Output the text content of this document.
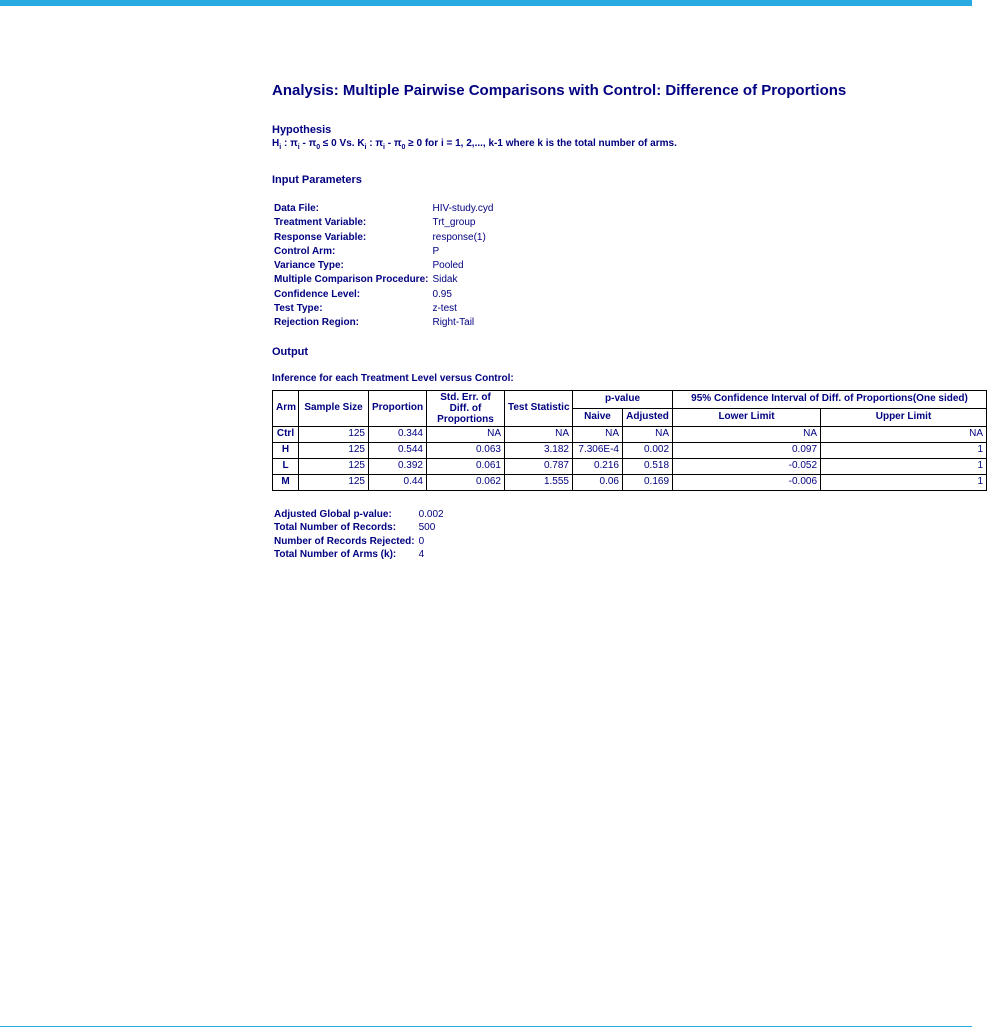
Analysis: Multiple Pairwise Comparisons with Control: Difference of Proportions
Hypothesis

$H_i$ : $\pi_i - \pi_0 \le 0$ Vs. $K_i$ : $\pi_i - \pi_0 \ge 0$ for i = 1, 2,..., k-1 where k is the total number of arms.

Input Parameters
Data File:	HIV-study.cyd
Treatment Variable:	Trt_group
Response Variable:	response(1)
Control Arm:	P
Variance Type:	Pooled
Multiple Comparison Procedure:	Sidak
Confidence Level:	0.95
Test Type:	z-test
Rejection Region:	Right-Tail
Output

Inference for each Treatment Level versus Control:

Arm	Sample Size	Proportion	Std. Err. of Diff. of Proportions	Test Statistic	p-value		95% Confidence Interval of Diff. of Proportions(One sided)	
					Naive	Adjusted	Lower Limit	Upper Limit
Ctrl	125	0.344	NA	NA	NA	NA	NA	NA
H	125	0.544	0.063	3.182	7.306E-4	0.002	0.097	1
L	125	0.392	0.061	0.787	0.216	0.518	-0.052	1
M	125	0.44	0.062	1.555	0.06	0.169	-0.006	1
Adjusted Global p-value:	0.002
Total Number of Records:	500
Number of Records Rejected:	0
Total Number of Arms (k):	4
